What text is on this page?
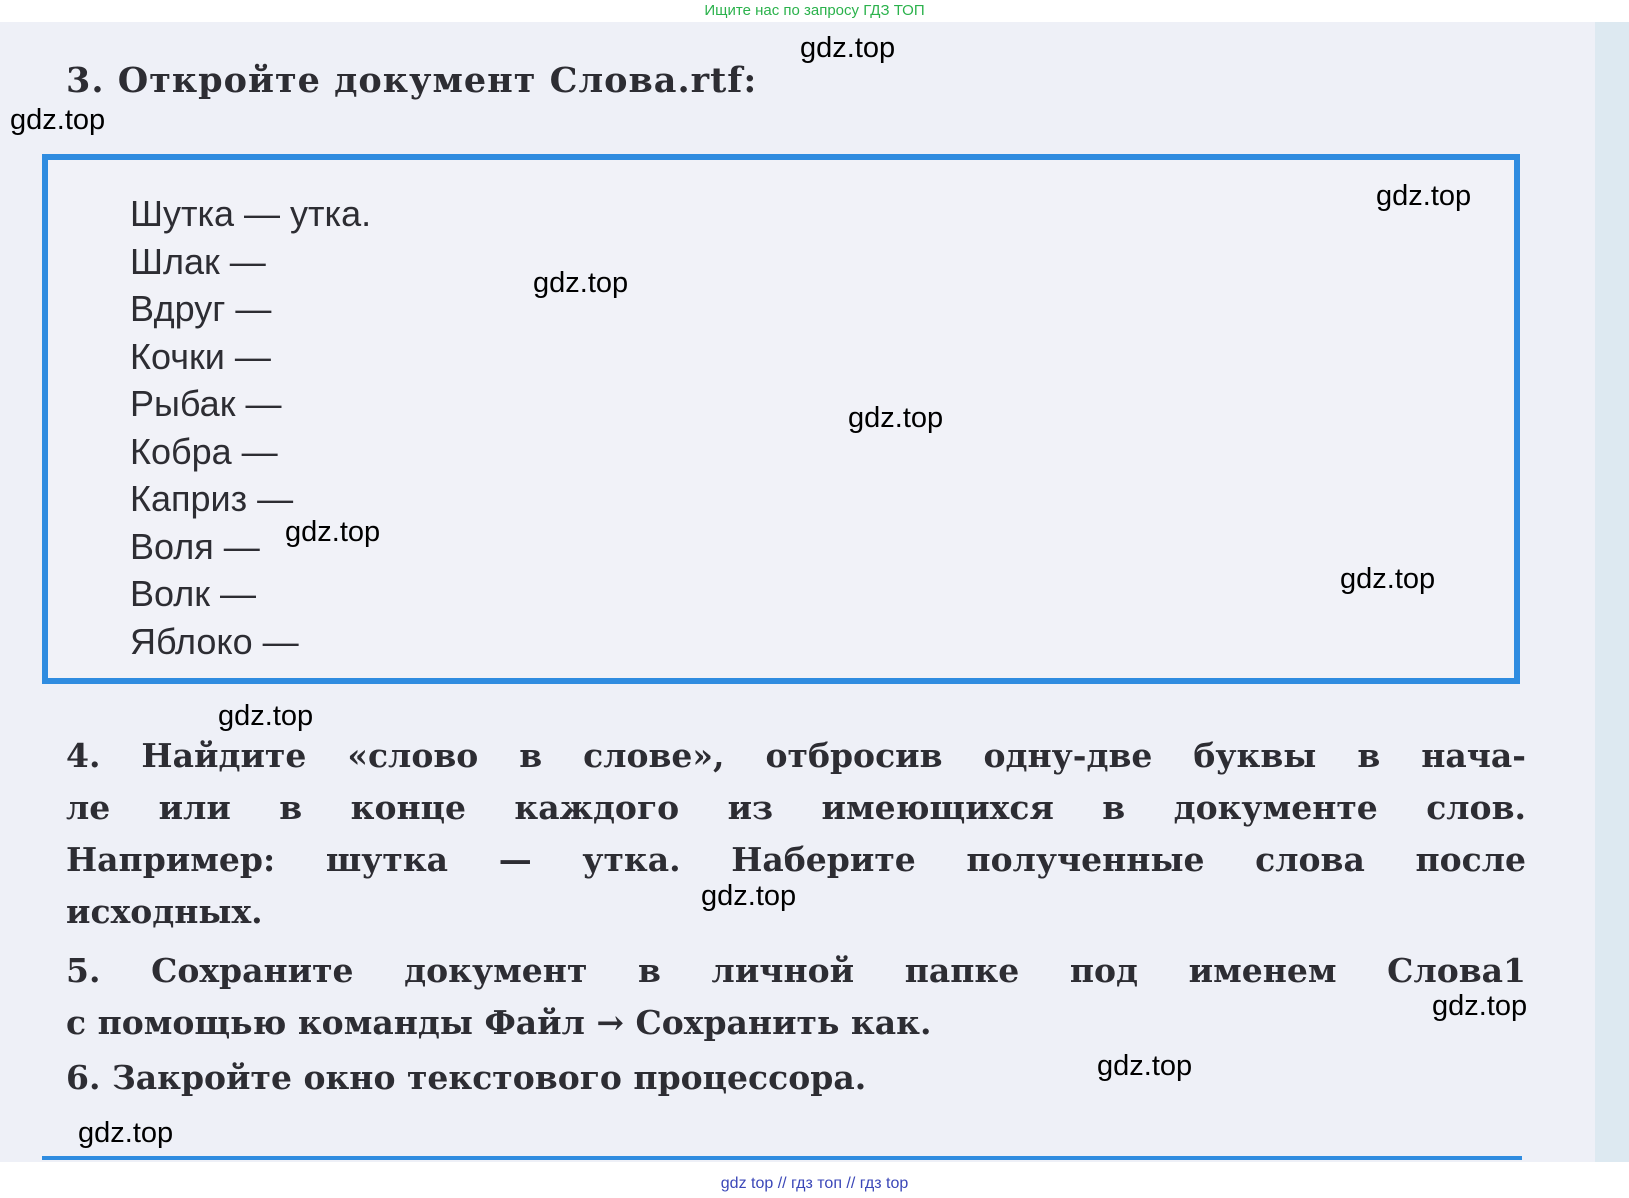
Ищите нас по запросу ГДЗ ТОП
3. Откройте документ Слова.rtf:
Шутка — утка.
Шлак —
Вдруг —
Кочки —
Рыбак —
Кобра —
Каприз —
Воля —
Волк —
Яблоко —
4. Найдите «слово в слове», отбросив одну-две буквы в нача-
ле или в конце каждого из имеющихся в документе слов.
Например: шутка — утка. Наберите полученные слова после
исходных.
5. Сохраните документ в личной папке под именем Слова1
с помощью команды Файл → Сохранить как.
6. Закройте окно текстового процессора.
gdz.top
gdz.top
gdz.top
gdz.top
gdz.top
gdz.top
gdz.top
gdz.top
gdz.top
gdz.top
gdz.top
gdz.top
gdz top // гдз топ // гдз top
